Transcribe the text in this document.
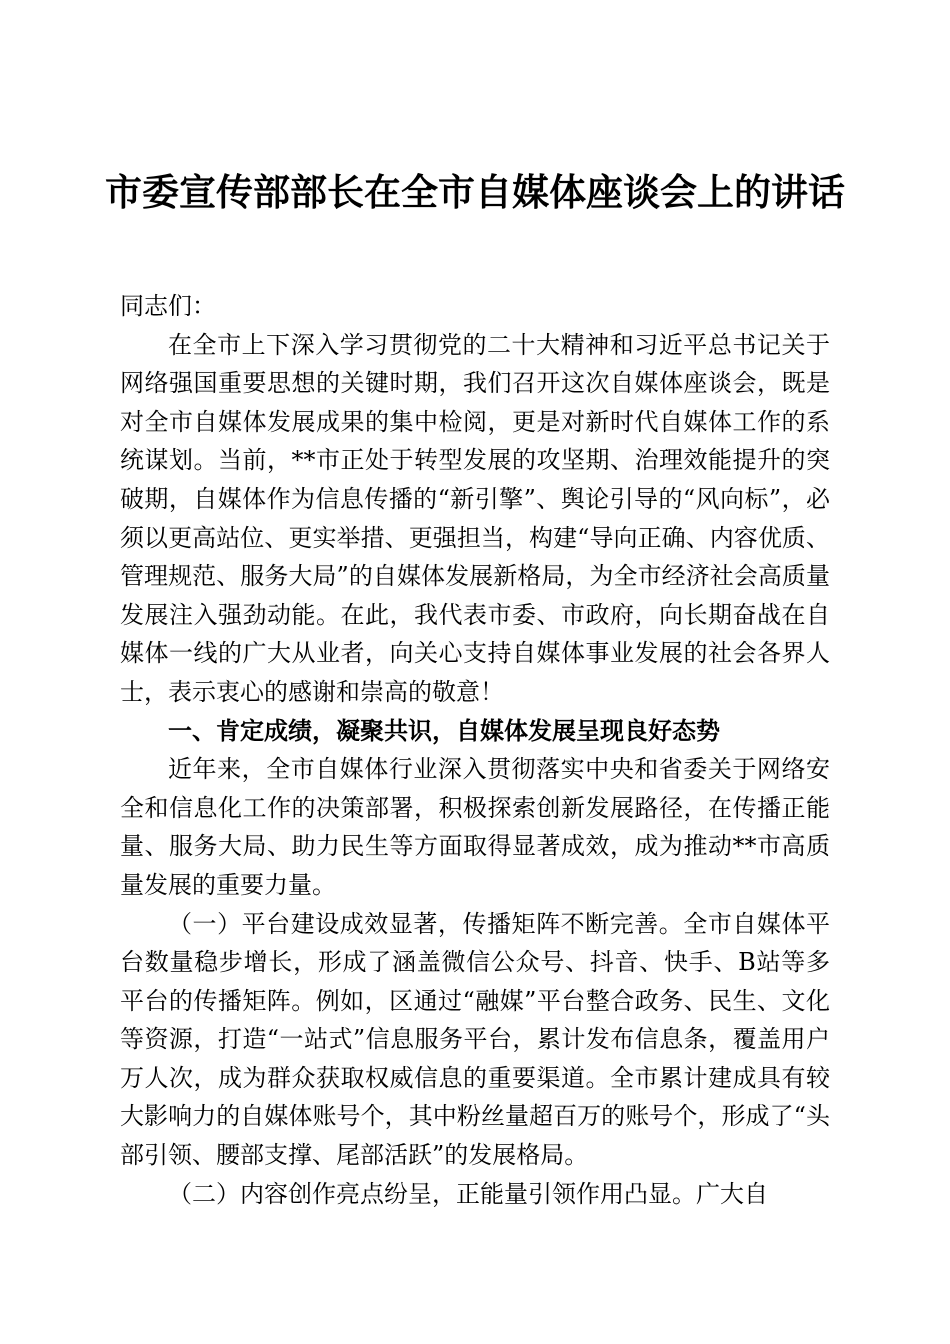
市委宣传部部长在全市自媒体座谈会上的讲话

同志们：

在全市上下深入学习贯彻党的二十大精神和习近平总书记关于网络强国重要思想的关键时期，我们召开这次自媒体座谈会，既是对全市自媒体发展成果的集中检阅，更是对新时代自媒体工作的系统谋划。当前，**市正处于转型发展的攻坚期、治理效能提升的突破期，自媒体作为信息传播的“新引擎”、舆论引导的“风向标”，必须以更高站位、更实举措、更强担当，构建“导向正确、内容优质、管理规范、服务大局”的自媒体发展新格局，为全市经济社会高质量发展注入强劲动能。在此，我代表市委、市政府，向长期奋战在自媒体一线的广大从业者，向关心支持自媒体事业发展的社会各界人士，表示衷心的感谢和崇高的敬意！

一、肯定成绩，凝聚共识，自媒体发展呈现良好态势

近年来，全市自媒体行业深入贯彻落实中央和省委关于网络安全和信息化工作的决策部署，积极探索创新发展路径，在传播正能量、服务大局、助力民生等方面取得显著成效，成为推动**市高质量发展的重要力量。

（一）平台建设成效显著，传播矩阵不断完善。全市自媒体平台数量稳步增长，形成了涵盖微信公众号、抖音、快手、B站等多平台的传播矩阵。例如，区通过“融媒”平台整合政务、民生、文化等资源，打造“一站式”信息服务平台，累计发布信息条，覆盖用户万人次，成为群众获取权威信息的重要渠道。全市累计建成具有较大影响力的自媒体账号个，其中粉丝量超百万的账号个，形成了“头部引领、腰部支撑、尾部活跃”的发展格局。

（二）内容创作亮点纷呈，正能量引领作用凸显。广大自
